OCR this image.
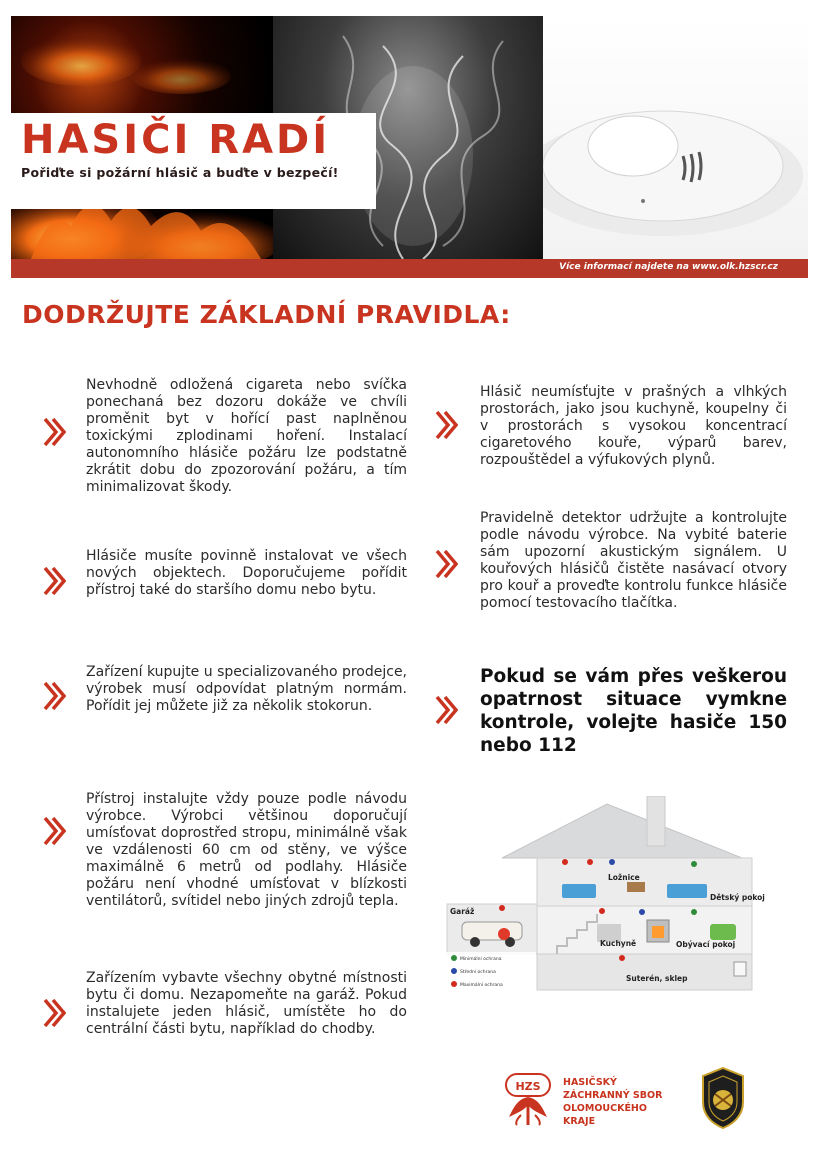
HASIČI RADÍ
Pořiďte si požární hlásič a buďte v bezpečí!
Více informací najdete na www.olk.hzscr.cz
DODRŽUJTE ZÁKLADNÍ PRAVIDLA:
Nevhodně odložená cigareta nebo svíčka ponechaná bez dozoru dokáže ve chvíli proměnit byt v hořící past naplněnou toxickými zplodinami hoření. Instalací autonomního hlásiče požáru lze podstatně zkrátit dobu do zpozorování požáru, a tím minimalizovat škody.
Hlásiče musíte povinně instalovat ve všech nových objektech. Doporučujeme pořídit přístroj také do staršího domu nebo bytu.
Zařízení kupujte u specializovaného prodejce, výrobek musí odpovídat platným normám. Pořídit jej můžete již za několik stokorun.
Přístroj instalujte vždy pouze podle návodu výrobce. Výrobci většinou doporučují umísťovat doprostřed stropu, minimálně však ve vzdálenosti 60 cm od stěny, ve výšce maximálně 6 metrů od podlahy. Hlásiče požáru není vhodné umísťovat v blízkosti ventilátorů, svítidel nebo jiných zdrojů tepla.
Zařízením vybavte všechny obytné místnosti bytu či domu. Nezapomeňte na garáž. Pokud instalujete jeden hlásič, umístěte ho do centrální části bytu, například do chodby.
Hlásič neumísťujte v prašných a vlhkých prostorách, jako jsou kuchyně, koupelny či v prostorách s vysokou koncentrací cigaretového kouře, výparů barev, rozpouštědel a výfukových plynů.
Pravidelně detektor udržujte a kontrolujte podle návodu výrobce. Na vybité baterie sám upozorní akustickým signálem. U kouřových hlásičů čistěte nasávací otvory pro kouř a proveďte kontrolu funkce hlásiče pomocí testovacího tlačítka.
Pokud se vám přes veškerou opatrnost situace vymkne kontrole, volejte hasiče 150 nebo 112
Ložnice
Dětský pokoj
Garáž
Kuchyně	Obývací pokoj
Suterén, sklep
Minimální ochrana
Střední ochrana
Maximální ochrana
HZS HASIČSKÝ
ZÁCHRANNÝ SBOR
OLOMOUCKÉHO
KRAJE
